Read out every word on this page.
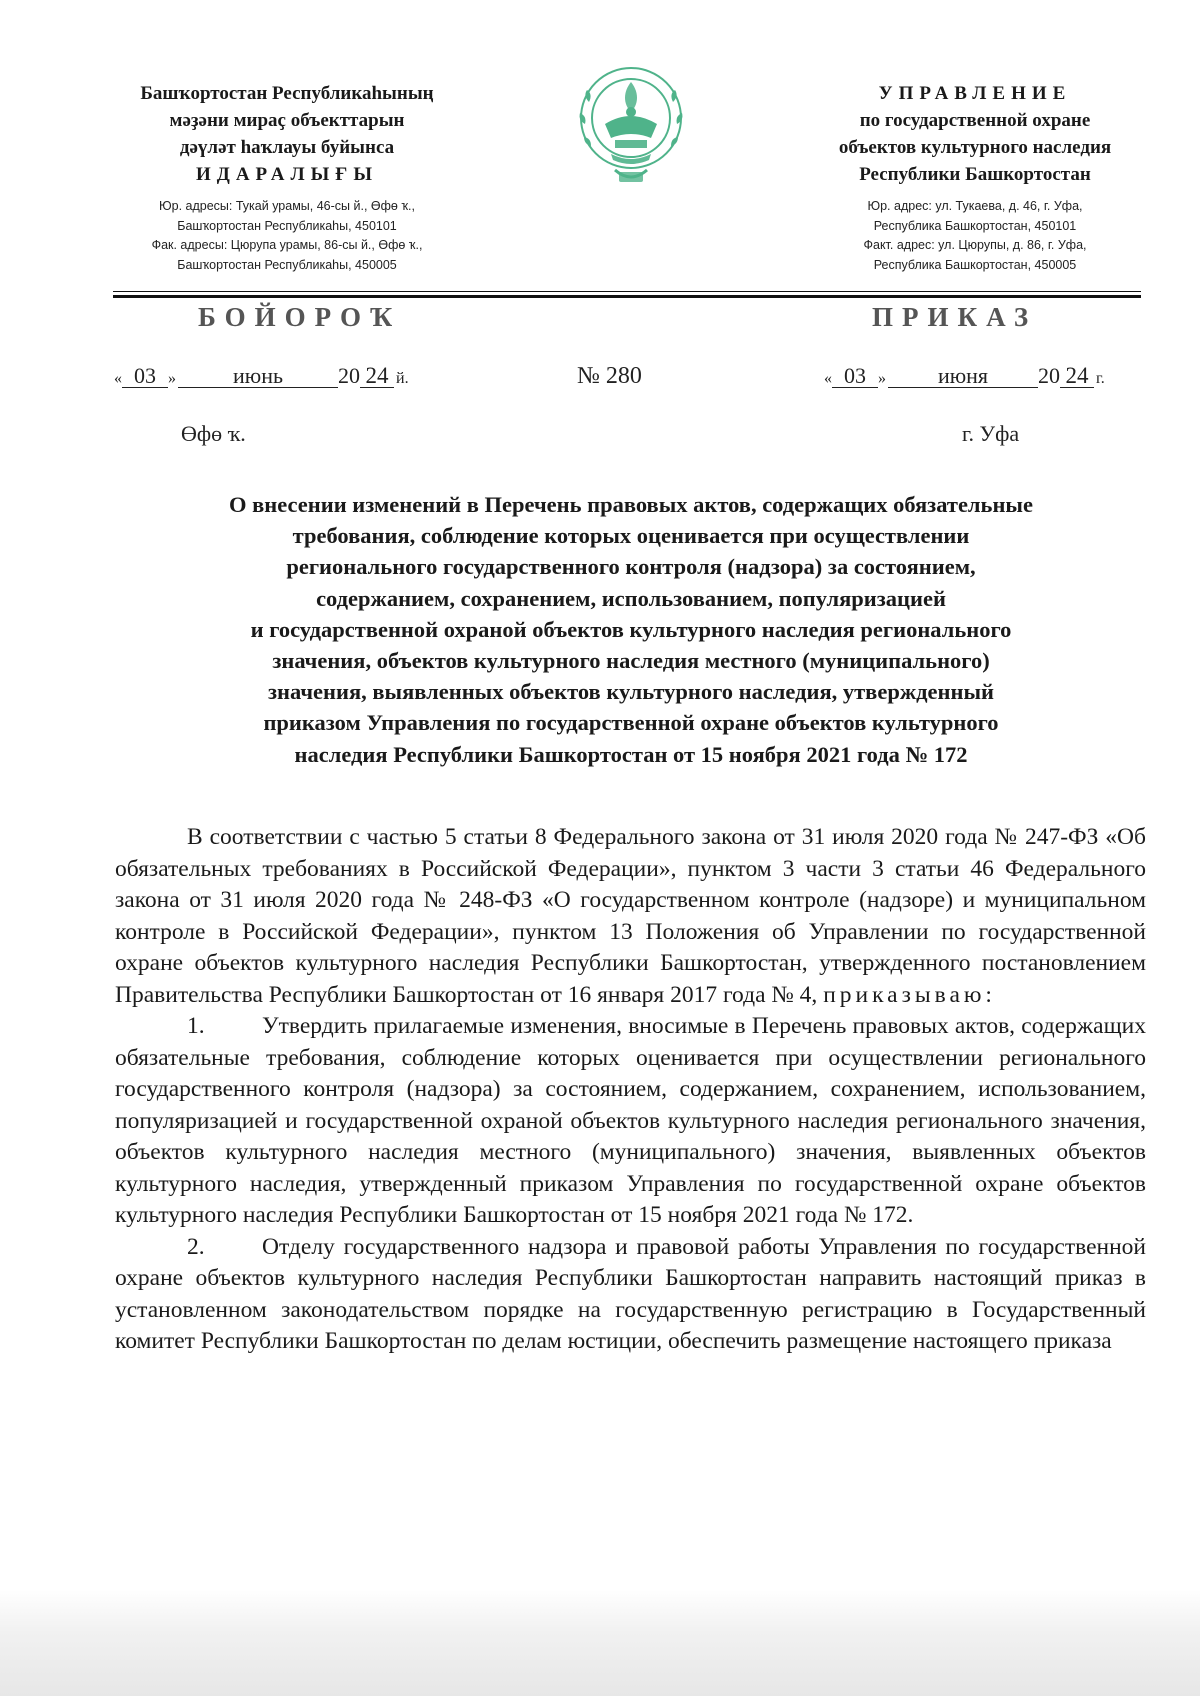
Башҡортостан Республикаһының
мәҙәни мираҫ объекттарын
дәүләт һаҡлауы буйынса
ИДАРАЛЫҒЫ
Юр. адресы: Тукай урамы, 46-сы й., Өфө ҡ.,
Башҡортостан Республикаһы, 450101
Фак. адресы: Цюрупа урамы, 86-сы й., Өфө ҡ.,
Башҡортостан Республикаһы, 450005
УПРАВЛЕНИЕ
по государственной охране
объектов культурного наследия
Республики Башкортостан
Юр. адрес: ул. Тукаева, д. 46, г. Уфа,
Республика Башкортостан, 450101
Факт. адрес: ул. Цюрупы, д. 86, г. Уфа,
Республика Башкортостан, 450005
БОЙОРОҠ	ПРИКАЗ
« 03 »	июнь	20 24 й.	№ 280	« 03 » июня 20 24 г.
Өфө ҡ.	г. Уфа
О внесении изменений в Перечень правовых актов, содержащих обязательные
требования, соблюдение которых оценивается при осуществлении
регионального государственного контроля (надзора) за состоянием,
содержанием, сохранением, использованием, популяризацией
и государственной охраной объектов культурного наследия регионального
значения, объектов культурного наследия местного (муниципального)
значения, выявленных объектов культурного наследия, утвержденный
приказом Управления по государственной охране объектов культурного
наследия Республики Башкортостан от 15 ноября 2021 года № 172

В соответствии с частью 5 статьи 8 Федерального закона от 31 июля 2020 года № 247-ФЗ «Об обязательных требованиях в Российской Федерации», пунктом 3 части 3 статьи 46 Федерального закона от 31 июля 2020 года № 248-ФЗ «О государственном контроле (надзоре) и муниципальном контроле в Российской Федерации», пунктом 13 Положения об Управлении по государственной охране объектов культурного наследия Республики Башкортостан, утвержденного постановлением Правительства Республики Башкортостан от 16 января 2017 года № 4, приказываю:

1. Утвердить прилагаемые изменения, вносимые в Перечень правовых актов, содержащих обязательные требования, соблюдение которых оценивается при осуществлении регионального государственного контроля (надзора) за состоянием, содержанием, сохранением, использованием, популяризацией и государственной охраной объектов культурного наследия регионального значения, объектов культурного наследия местного (муниципального) значения, выявленных объектов культурного наследия, утвержденный приказом Управления по государственной охране объектов культурного наследия Республики Башкортостан от 15 ноября 2021 года № 172.

2. Отделу государственного надзора и правовой работы Управления по государственной охране объектов культурного наследия Республики Башкортостан направить настоящий приказ в установленном законодательством порядке на государственную регистрацию в Государственный комитет Республики Башкортостан по делам юстиции, обеспечить размещение настоящего приказа
